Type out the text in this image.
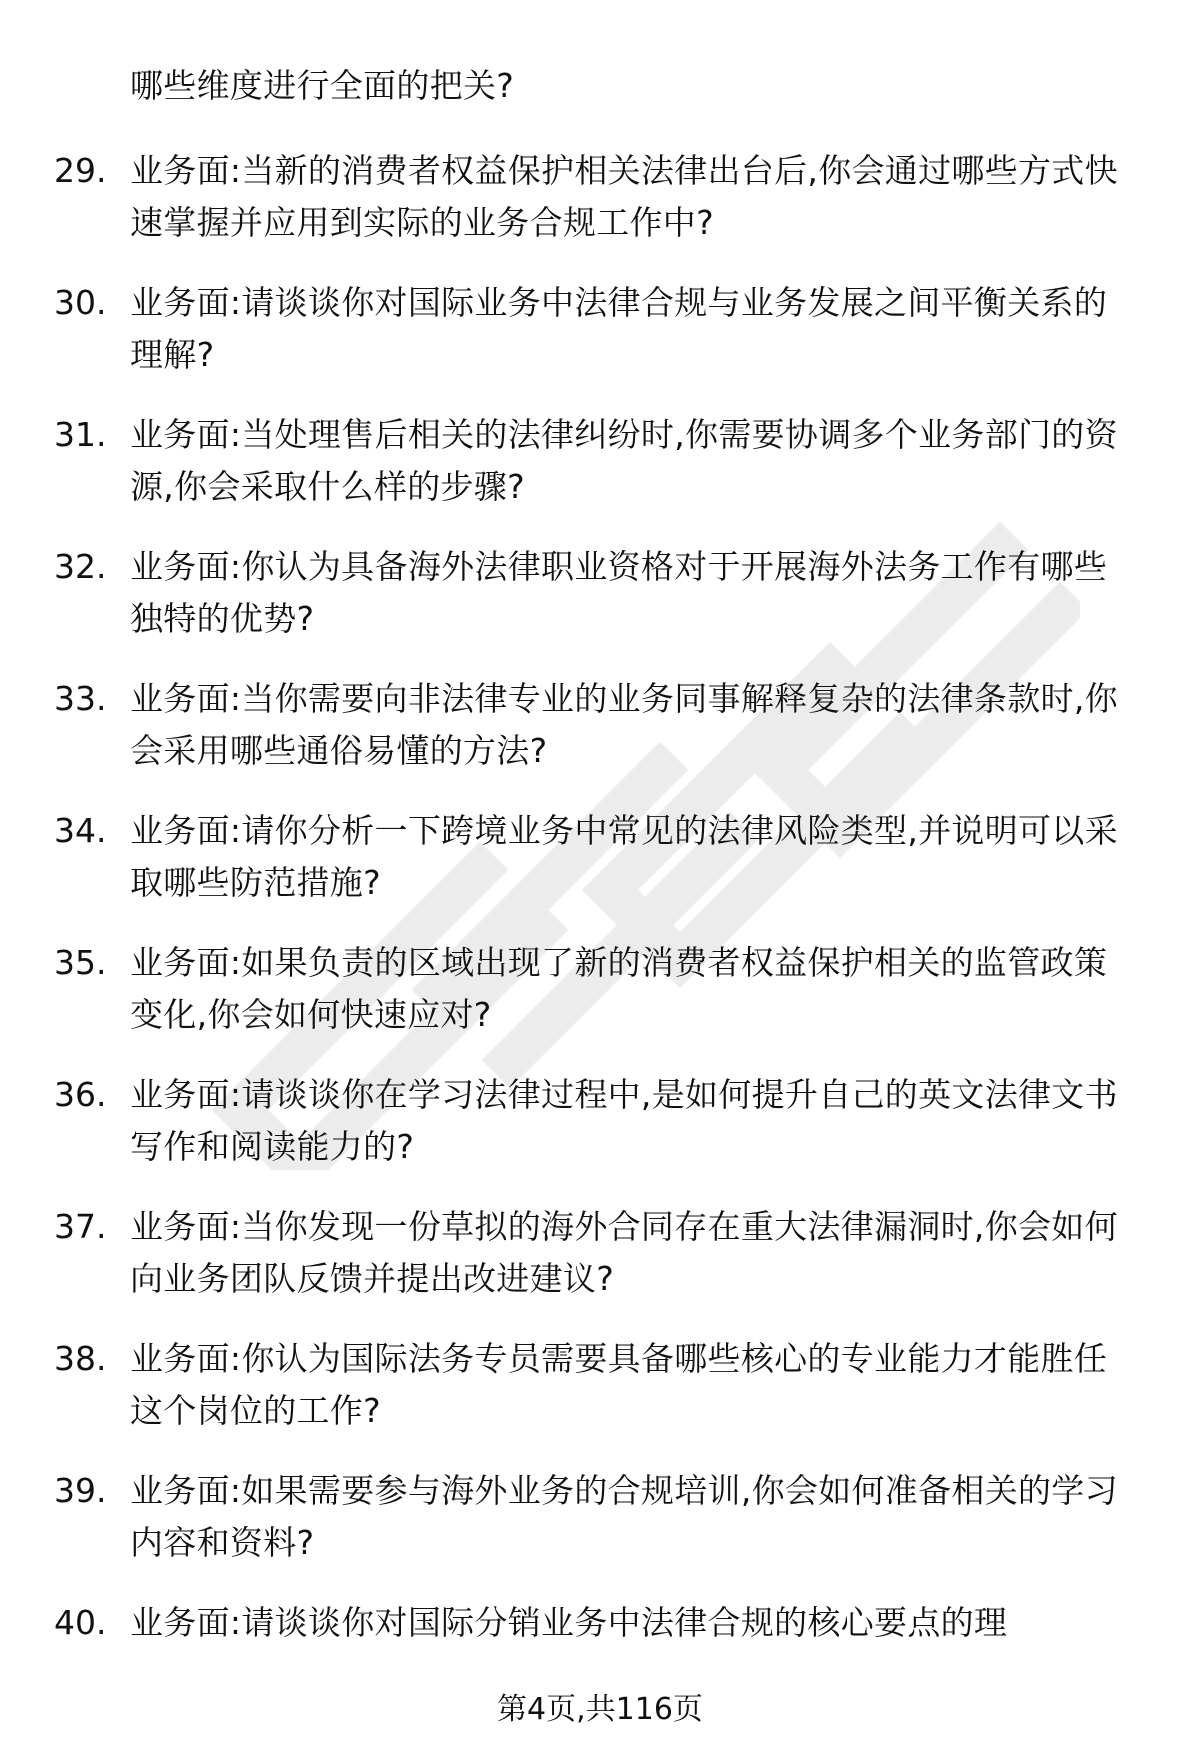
哪些维度进行全面的把关?
29. 业务面:当新的消费者权益保护相关法律出台后,你会通过哪些方式快速掌握并应用到实际的业务合规工作中?
30. 业务面:请谈谈你对国际业务中法律合规与业务发展之间平衡关系的理解?
31. 业务面:当处理售后相关的法律纠纷时,你需要协调多个业务部门的资源,你会采取什么样的步骤?
32. 业务面:你认为具备海外法律职业资格对于开展海外法务工作有哪些独特的优势?
33. 业务面:当你需要向非法律专业的业务同事解释复杂的法律条款时,你会采用哪些通俗易懂的方法?
34. 业务面:请你分析一下跨境业务中常见的法律风险类型,并说明可以采取哪些防范措施?
35. 业务面:如果负责的区域出现了新的消费者权益保护相关的监管政策变化,你会如何快速应对?
36. 业务面:请谈谈你在学习法律过程中,是如何提升自己的英文法律文书写作和阅读能力的?
37. 业务面:当你发现一份草拟的海外合同存在重大法律漏洞时,你会如何向业务团队反馈并提出改进建议?
38. 业务面:你认为国际法务专员需要具备哪些核心的专业能力才能胜任这个岗位的工作?
39. 业务面:如果需要参与海外业务的合规培训,你会如何准备相关的学习内容和资料?
40. 业务面:请谈谈你对国际分销业务中法律合规的核心要点的理
第4页,共116页
